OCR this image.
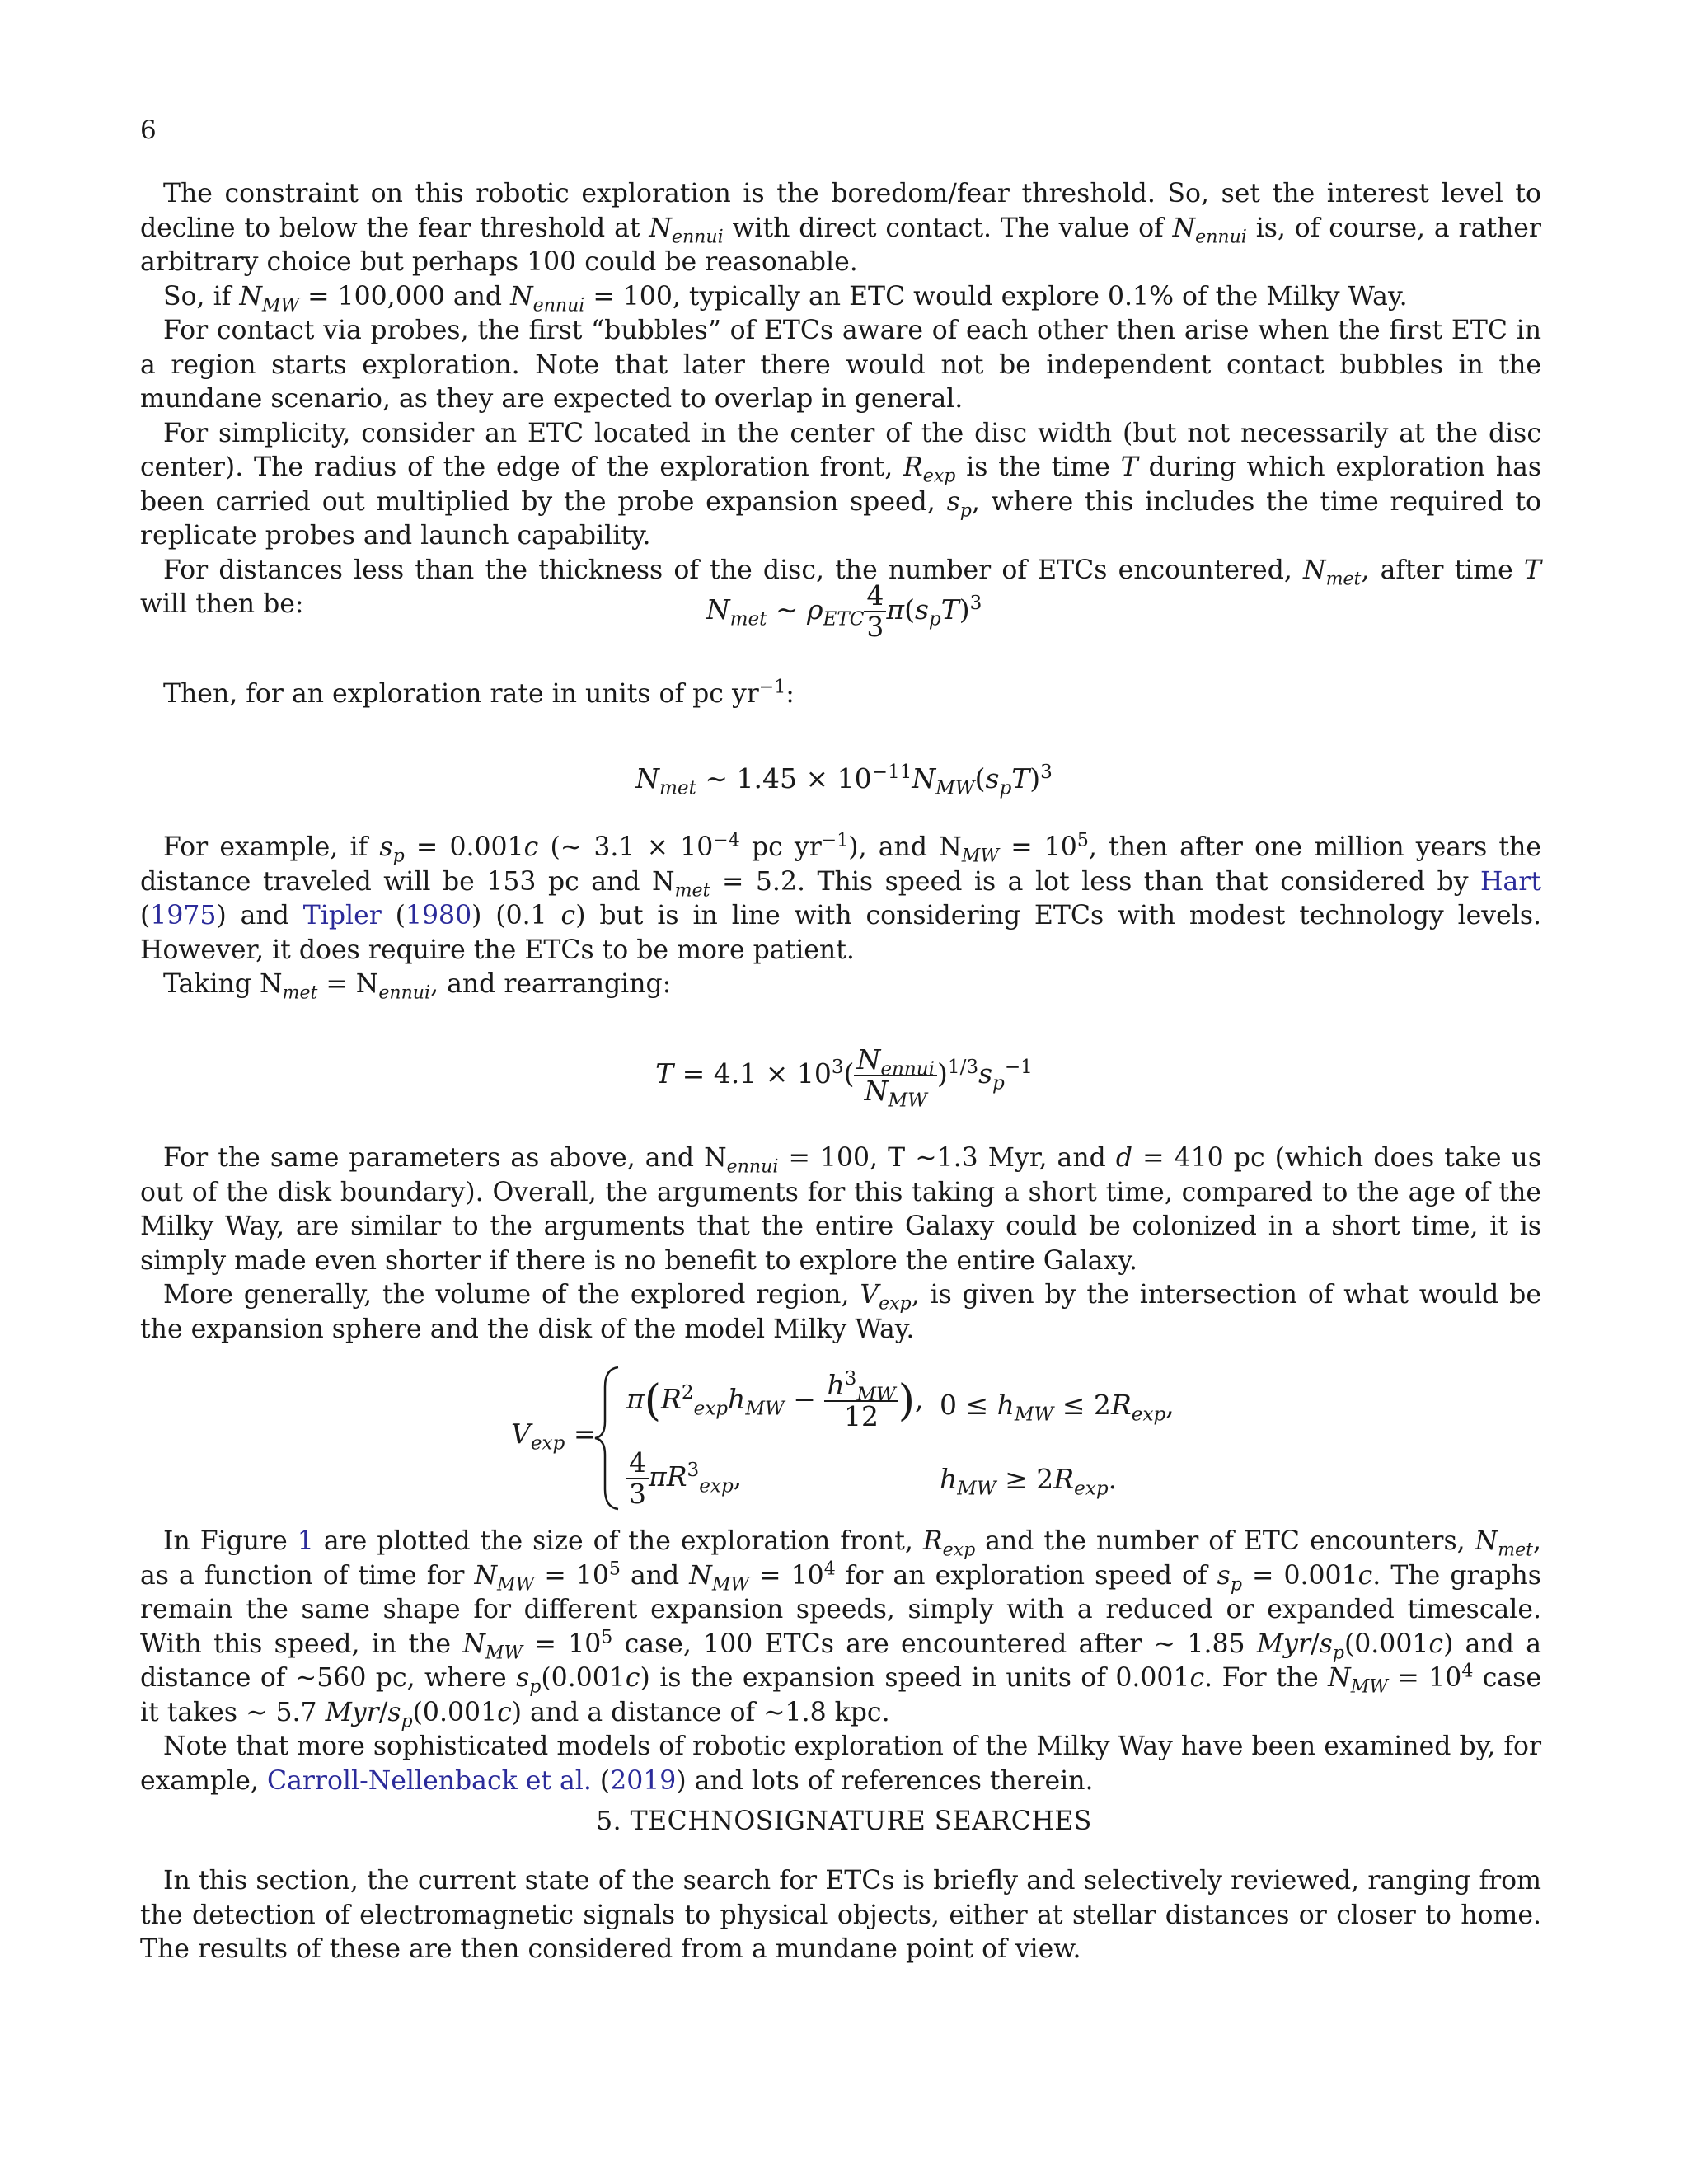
6

The constraint on this robotic exploration is the boredom/fear threshold. So, set the interest level to decline to below the fear threshold at $N_{ennui}$ with direct contact. The value of $N_{ennui}$ is, of course, a rather arbitrary choice but perhaps 100 could be reasonable.

So, if $N_{MW} = 100,000$ and $N_{ennui} = 100$, typically an ETC would explore 0.1% of the Milky Way.

For contact via probes, the first “bubbles” of ETCs aware of each other then arise when the first ETC in a region starts exploration. Note that later there would not be independent contact bubbles in the mundane scenario, as they are expected to overlap in general.

For simplicity, consider an ETC located in the center of the disc width (but not necessarily at the disc center). The radius of the edge of the exploration front, $R_{exp}$ is the time T during which exploration has been carried out multiplied by the probe expansion speed, $s_p$, where this includes the time required to replicate probes and launch capability.

For distances less than the thickness of the disc, the number of ETCs encountered, $N_{met}$, after time T will then be:	$N_{met}$ ∼ $\rho_{ETC} \frac{4}{3} \pi(s_pT)^3$

Then, for an exploration rate in units of pc $yr^{-1}$:

$N_{met}$ ∼ $1.45 \times 10^{-11}N_{MW}(s_pT)^3$

For example, if $s_p = 0.001c$ (∼ $3.1 \times 10^{-4}$ pc $yr^{-1}$), and $N_{MW} = 10^5$, then after one million years the distance traveled will be 153 pc and $N_{met} = 5.2$. This speed is a lot less than that considered by Hart (1975) and Tipler (1980) (0.1 c) but is in line with considering ETCs with modest technology levels. However, it does require the ETCs to be more patient.

Taking $N_{met} = N_{ennui}$, and rearranging:

$T = 4.1 \times 10^3( \frac{N_{ennui}}{N_{MW}} )^{1/3}s_p^{-1}$

For the same parameters as above, and $N_{ennui} = 100$, T ∼1.3 Myr, and d = 410 pc (which does take us out of the disk boundary). Overall, the arguments for this taking a short time, compared to the age of the Milky Way, are similar to the arguments that the entire Galaxy could be colonized in a short time, it is simply made even shorter if there is no benefit to explore the entire Galaxy.

More generally, the volume of the explored region, $V_{exp}$, is given by the intersection of what would be the expansion sphere and the disk of the model Milky Way.

$V_{exp}$ =
$\pi(R^2_{exp}h_{MW} - \frac{h^3_{MW}}{12}$ ), $0 \le h_{MW} \le 2R_{exp}$,
$\frac{4}{3} \pi R^3_{exp}$,	$h_{MW} \ge 2R_{exp}$.

In Figure 1 are plotted the size of the exploration front, $R_{exp}$ and the number of ETC encounters, $N_{met}$, as a function of time for $N_{MW} = 10^5$ and $N_{MW} = 10^4$ for an exploration speed of $s_p = 0.001c$. The graphs remain the same shape for different expansion speeds, simply with a reduced or expanded timescale. With this speed, in the $N_{MW} = 10^5$ case, 100 ETCs are encountered after ∼ 1.85 Myr/$s_p(0.001c)$ and a distance of ∼560 pc, where $s_p(0.001c)$ is the expansion speed in units of 0.001c. For the $N_{MW} = 10^4$ case it takes ∼ 5.7 Myr/$s_p(0.001c)$ and a distance of ∼1.8 kpc.

Note that more sophisticated models of robotic exploration of the Milky Way have been examined by, for example, Carroll-Nellenback et al. (2019) and lots of references therein.

5. TECHNOSIGNATURE SEARCHES

In this section, the current state of the search for ETCs is briefly and selectively reviewed, ranging from the detection of electromagnetic signals to physical objects, either at stellar distances or closer to home. The results of these are then considered from a mundane point of view.
